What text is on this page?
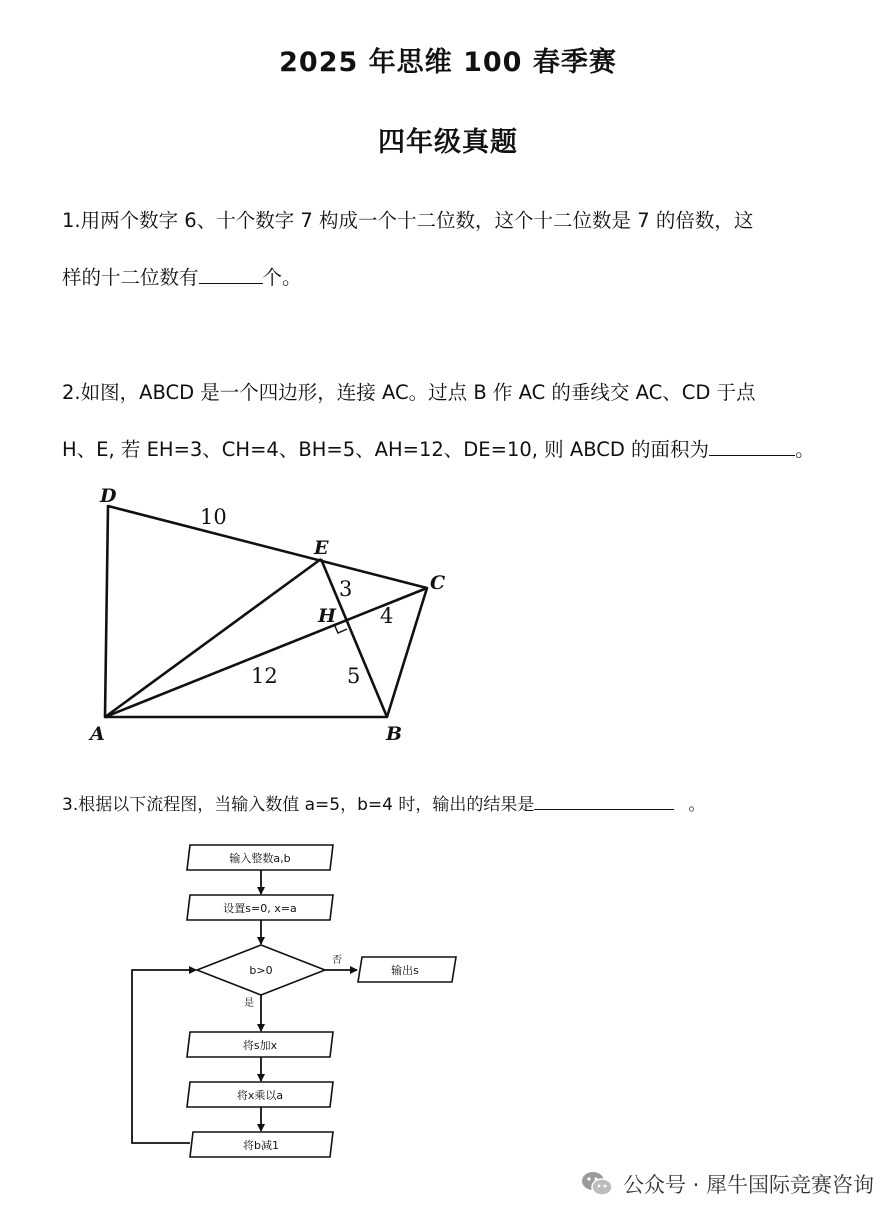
2025 年思维 100 春季赛
四年级真题
1.用两个数字 6、十个数字 7 构成一个十二位数，这个十二位数是 7 的倍数，这
样的十二位数有	个。
2.如图，ABCD 是一个四边形，连接 AC。过点 B 作 AC 的垂线交 AC、CD 于点
H、E, 若 EH=3、CH=4、BH=5、AH=12、DE=10, 则 ABCD 的面积为	。
D
A	B
C
E
H
10
3
4
12	5
3.根据以下流程图，当输入数值 a=5，b=4 时，输出的结果是	。
输入整数a,b
设置s=0, x=a
b>0	输出s
否
是
将s加x
将x乘以a
将b减1
公众号 · 犀牛国际竞赛咨询
